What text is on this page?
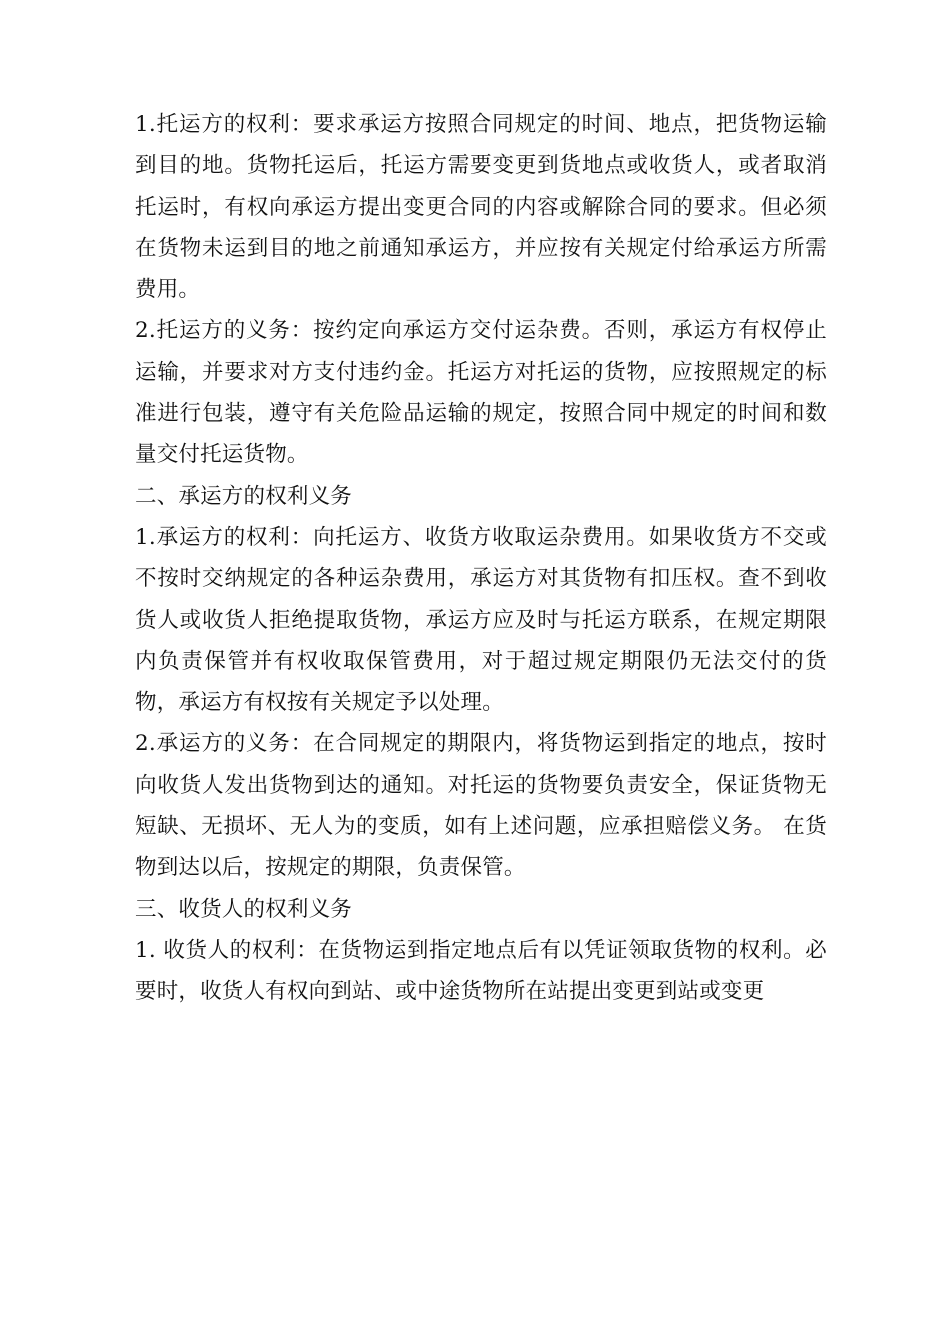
1.托运方的权利：要求承运方按照合同规定的时间、地点，把货物运输到目的地。货物托运后，托运方需要变更到货地点或收货人，或者取消托运时，有权向承运方提出变更合同的内容或解除合同的要求。但必须在货物未运到目的地之前通知承运方，并应按有关规定付给承运方所需费用。

2.托运方的义务：按约定向承运方交付运杂费。否则，承运方有权停止运输，并要求对方支付违约金。托运方对托运的货物，应按照规定的标准进行包装，遵守有关危险品运输的规定，按照合同中规定的时间和数量交付托运货物。

二、承运方的权利义务

1.承运方的权利：向托运方、收货方收取运杂费用。如果收货方不交或不按时交纳规定的各种运杂费用，承运方对其货物有扣压权。查不到收货人或收货人拒绝提取货物，承运方应及时与托运方联系，在规定期限内负责保管并有权收取保管费用，对于超过规定期限仍无法交付的货物，承运方有权按有关规定予以处理。

2.承运方的义务：在合同规定的期限内，将货物运到指定的地点，按时向收货人发出货物到达的通知。对托运的货物要负责安全，保证货物无短缺、无损坏、无人为的变质，如有上述问题，应承担赔偿义务。 在货物到达以后，按规定的期限，负责保管。

三、收货人的权利义务

1. 收货人的权利：在货物运到指定地点后有以凭证领取货物的权利。必要时，收货人有权向到站、或中途货物所在站提出变更到站或变更
